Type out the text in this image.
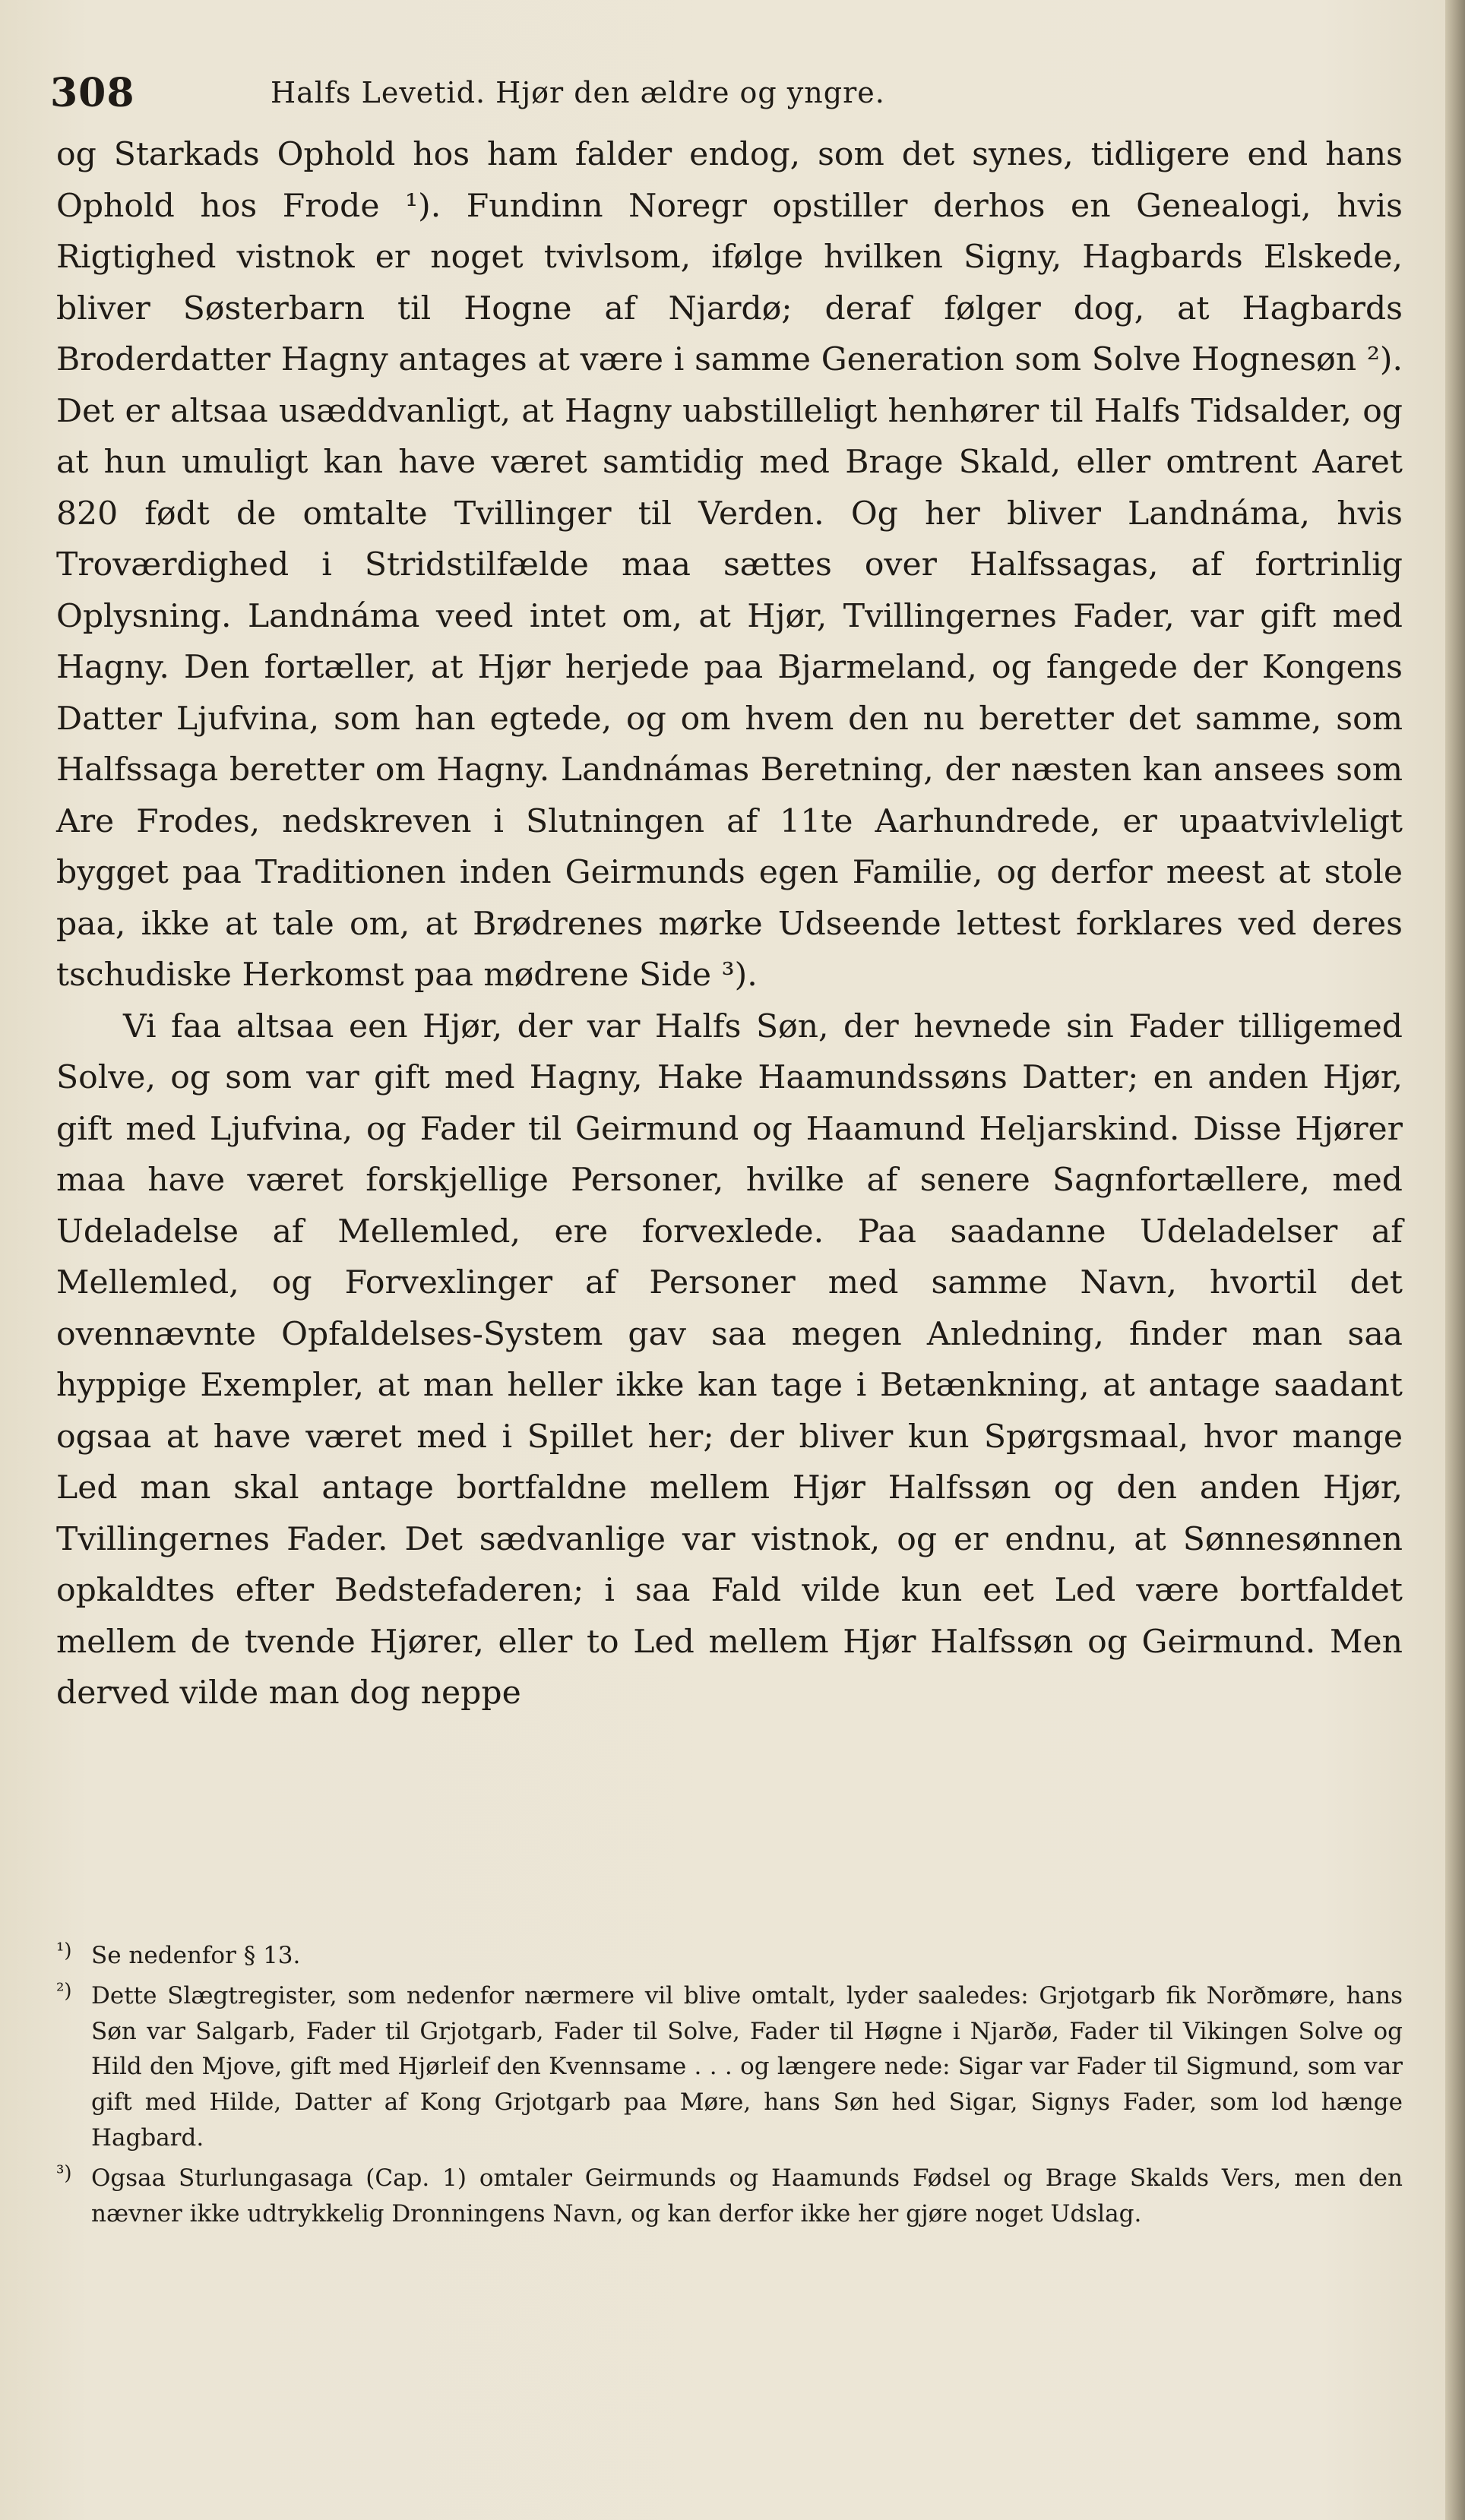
308	Halfs Levetid. Hjør den ældre og yngre.

og Starkads Ophold hos ham falder endog, som det synes, tidligere end hans Ophold hos Frode ¹). Fundinn Noregr opstiller derhos en Genealogi, hvis Rigtighed vistnok er noget tvivlsom, ifølge hvilken Signy, Hagbards Elskede, bliver Søsterbarn til Hogne af Njardø; deraf følger dog, at Hagbards Broderdatter Hagny antages at være i samme Generation som Solve Hognesøn ²). Det er altsaa usæddvanligt, at Hagny uabstilleligt henhører til Halfs Tidsalder, og at hun umuligt kan have været samtidig med Brage Skald, eller omtrent Aaret 820 født de omtalte Tvillinger til Verden. Og her bliver Landnáma, hvis Troværdighed i Stridstilfælde maa sættes over Halfssagas, af fortrinlig Oplysning. Landnáma veed intet om, at Hjør, Tvillingernes Fader, var gift med Hagny. Den fortæller, at Hjør herjede paa Bjarmeland, og fangede der Kongens Datter Ljufvina, som han egtede, og om hvem den nu beretter det samme, som Halfssaga beretter om Hagny. Landnámas Beretning, der næsten kan ansees som Are Frodes, nedskreven i Slutningen af 11te Aarhundrede, er upaatvivleligt bygget paa Traditionen inden Geirmunds egen Familie, og derfor meest at stole paa, ikke at tale om, at Brødrenes mørke Udseende lettest forklares ved deres tschudiske Herkomst paa mødrene Side ³).

Vi faa altsaa een Hjør, der var Halfs Søn, der hevnede sin Fader tilligemed Solve, og som var gift med Hagny, Hake Haamundssøns Datter; en anden Hjør, gift med Ljufvina, og Fader til Geirmund og Haamund Heljarskind. Disse Hjører maa have været forskjellige Personer, hvilke af senere Sagnfortællere, med Udeladelse af Mellemled, ere forvexlede. Paa saadanne Udeladelser af Mellemled, og Forvexlinger af Personer med samme Navn, hvortil det ovennævnte Opfaldelses-System gav saa megen Anledning, finder man saa hyppige Exempler, at man heller ikke kan tage i Betænkning, at antage saadant ogsaa at have været med i Spillet her; der bliver kun Spørgsmaal, hvor mange Led man skal antage bortfaldne mellem Hjør Halfssøn og den anden Hjør, Tvillingernes Fader. Det sædvanlige var vistnok, og er endnu, at Sønnesønnen opkaldtes efter Bedstefaderen; i saa Fald vilde kun eet Led være bortfaldet mellem de tvende Hjører, eller to Led mellem Hjør Halfssøn og Geirmund. Men derved vilde man dog neppe

¹) Se nedenfor § 13.
²) Dette Slægtregister, som nedenfor nærmere vil blive omtalt, lyder saaledes: Grjotgarb fik Norðmøre, hans Søn var Salgarb, Fader til Grjotgarb, Fader til Solve, Fader til Høgne i Njarðø, Fader til Vikingen Solve og Hild den Mjove, gift med Hjørleif den Kvennsame . . . og længere nede: Sigar var Fader til Sigmund, som var gift med Hilde, Datter af Kong Grjotgarb paa Møre, hans Søn hed Sigar, Signys Fader, som lod hænge Hagbard.
³) Ogsaa Sturlungasaga (Cap. 1) omtaler Geirmunds og Haamunds Fødsel og Brage Skalds Vers, men den nævner ikke udtrykkelig Dronningens Navn, og kan derfor ikke her gjøre noget Udslag.
